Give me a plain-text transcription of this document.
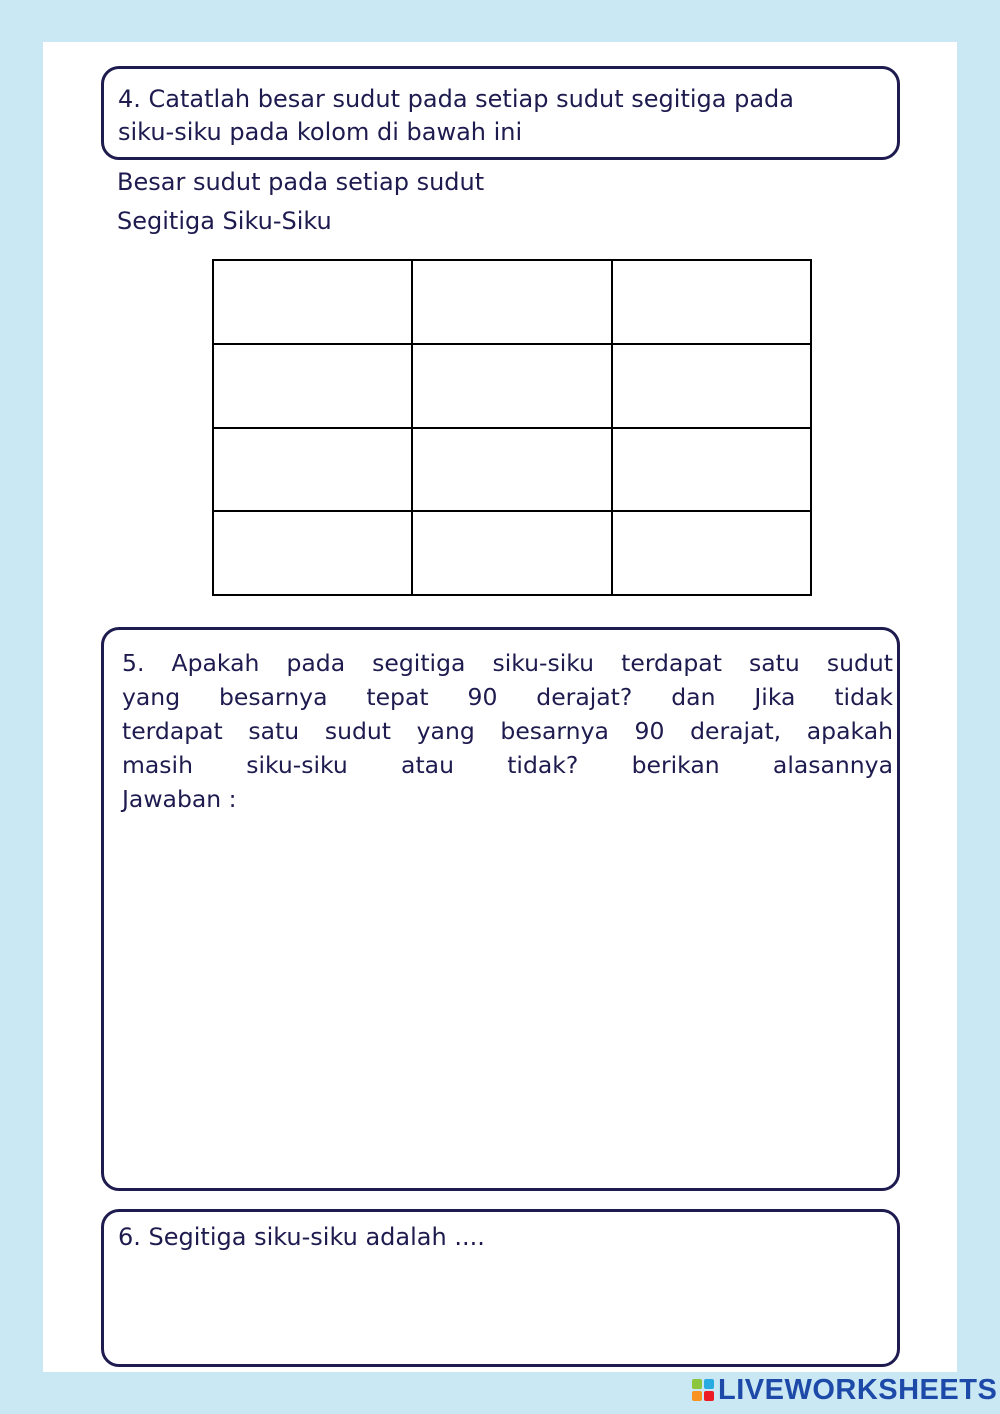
4. Catatlah besar sudut pada setiap sudut segitiga pada
siku-siku pada kolom di bawah ini
Besar sudut pada setiap sudut
Segitiga Siku-Siku

5. Apakah pada segitiga siku-siku terdapat satu sudut
yang besarnya tepat 90 derajat? dan Jika tidak
terdapat satu sudut yang besarnya 90 derajat, apakah
masih siku-siku atau tidak? berikan alasannya
Jawaban :
6. Segitiga siku-siku adalah ....
LIVEWORKSHEETS
